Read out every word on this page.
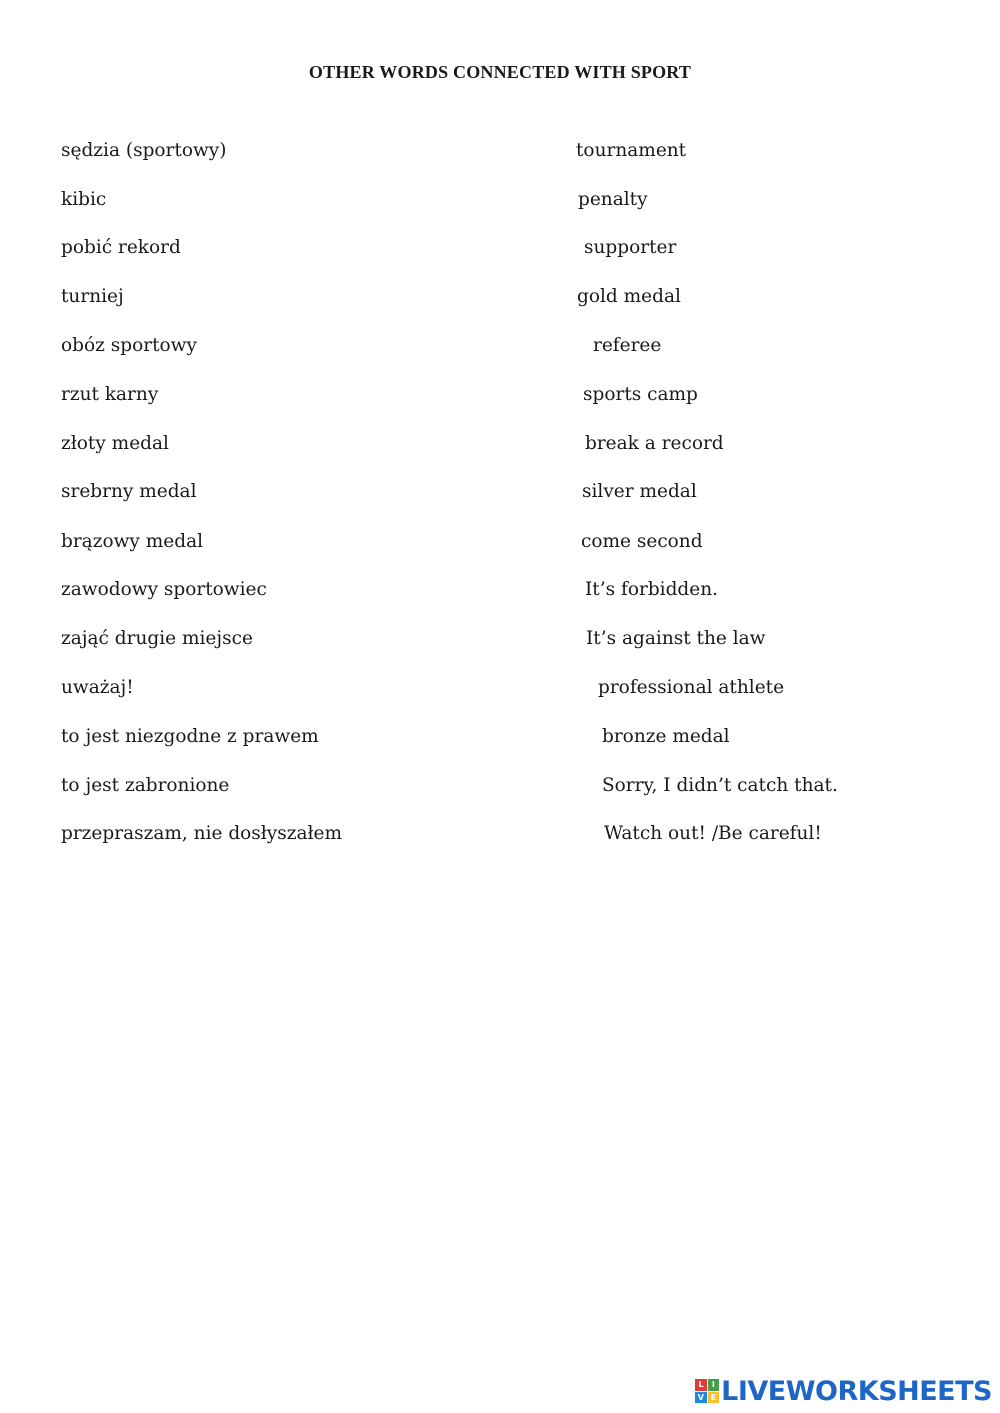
OTHER WORDS CONNECTED WITH SPORT
sędzia (sportowy)	tournament
kibic	penalty
pobić rekord	supporter
turniej	gold medal
obóz sportowy	referee
rzut karny	sports camp
złoty medal	break a record
srebrny medal	silver medal
brązowy medal	come second
zawodowy sportowiec	It’s forbidden.
zająć drugie miejsce	It’s against the law
uważaj!	professional athlete
to jest niezgodne z prawem	bronze medal
to jest zabronione	Sorry, I didn’t catch that.
przepraszam, nie dosłyszałem	Watch out! /Be careful!
L	I
V E LIVEWORKSHEETS
